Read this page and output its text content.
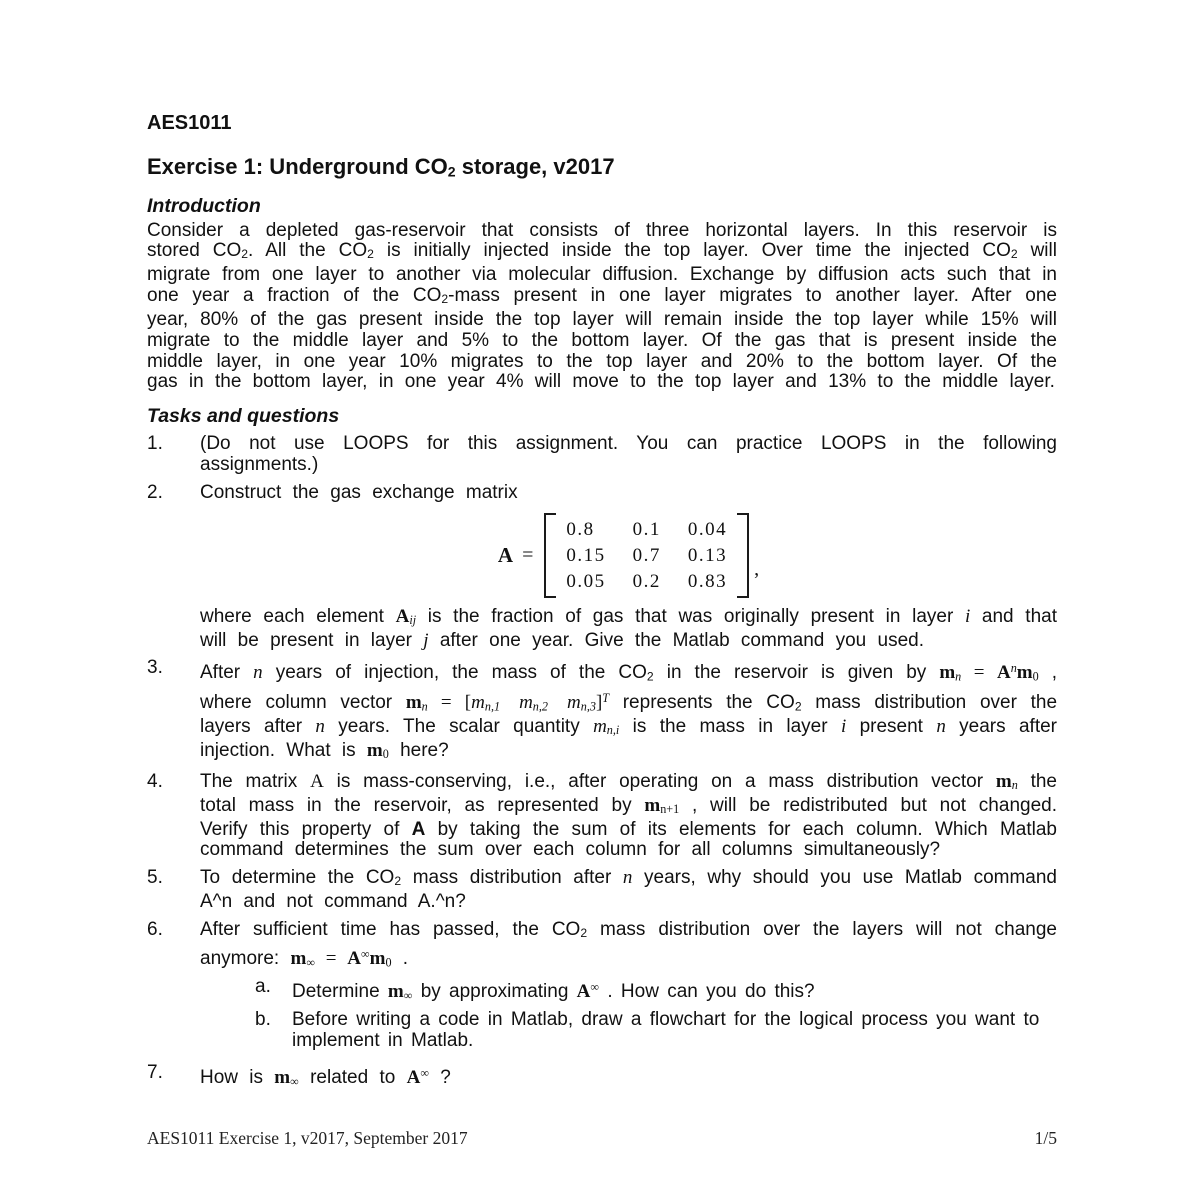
AES1011
Exercise 1: Underground CO2 storage, v2017
Introduction
Consider a depleted gas-reservoir that consists of three horizontal layers. In this reservoir is stored CO2. All the CO2 is initially injected inside the top layer. Over time the injected CO2 will migrate from one layer to another via molecular diffusion. Exchange by diffusion acts such that in one year a fraction of the CO2-mass present in one layer migrates to another layer. After one year, 80% of the gas present inside the top layer will remain inside the top layer while 15% will migrate to the middle layer and 5% to the bottom layer. Of the gas that is present inside the middle layer, in one year 10% migrates to the top layer and 20% to the bottom layer. Of the gas in the bottom layer, in one year 4% will move to the top layer and 13% to the middle layer.
Tasks and questions
1.	(Do not use LOOPS for this assignment. You can practice LOOPS in the following assignments.)
2.	Construct the gas exchange matrix
A =
0.8	0.1 0.04
0.15 0.7 0.13
0.05 0.2 0.83
,
where each element Aij is the fraction of gas that was originally present in layer i and that will be present in layer j after one year. Give the Matlab command you used.
3.	After n years of injection, the mass of the CO2 in the reservoir is given by mn = $A^nm0$ , where column vector mn = [mn,1   mn,2   mn,3]$^T$ represents the CO2 mass distribution over the layers after n years. The scalar quantity mn,i is the mass in layer i present n years after injection. What is m0 here?
4.	The matrix A is mass-conserving, i.e., after operating on a mass distribution vector mn the total mass in the reservoir, as represented by mn+1 , will be redistributed but not changed. Verify this property of A by taking the sum of its elements for each column. Which Matlab command determines the sum over each column for all columns simultaneously?
5.	To determine the CO2 mass distribution after n years, why should you use Matlab command A^n and not command A.^n?
6.	After sufficient time has passed, the CO2 mass distribution over the layers will not change anymore: m∞ = A∞m0 .
a.	Determine m∞ by approximating A∞ . How can you do this?
b.	Before writing a code in Matlab, draw a flowchart for the logical process you want to implement in Matlab.
7.	How is m∞ related to A∞ ?
AES1011 Exercise 1, v2017, September 2017	1/5
